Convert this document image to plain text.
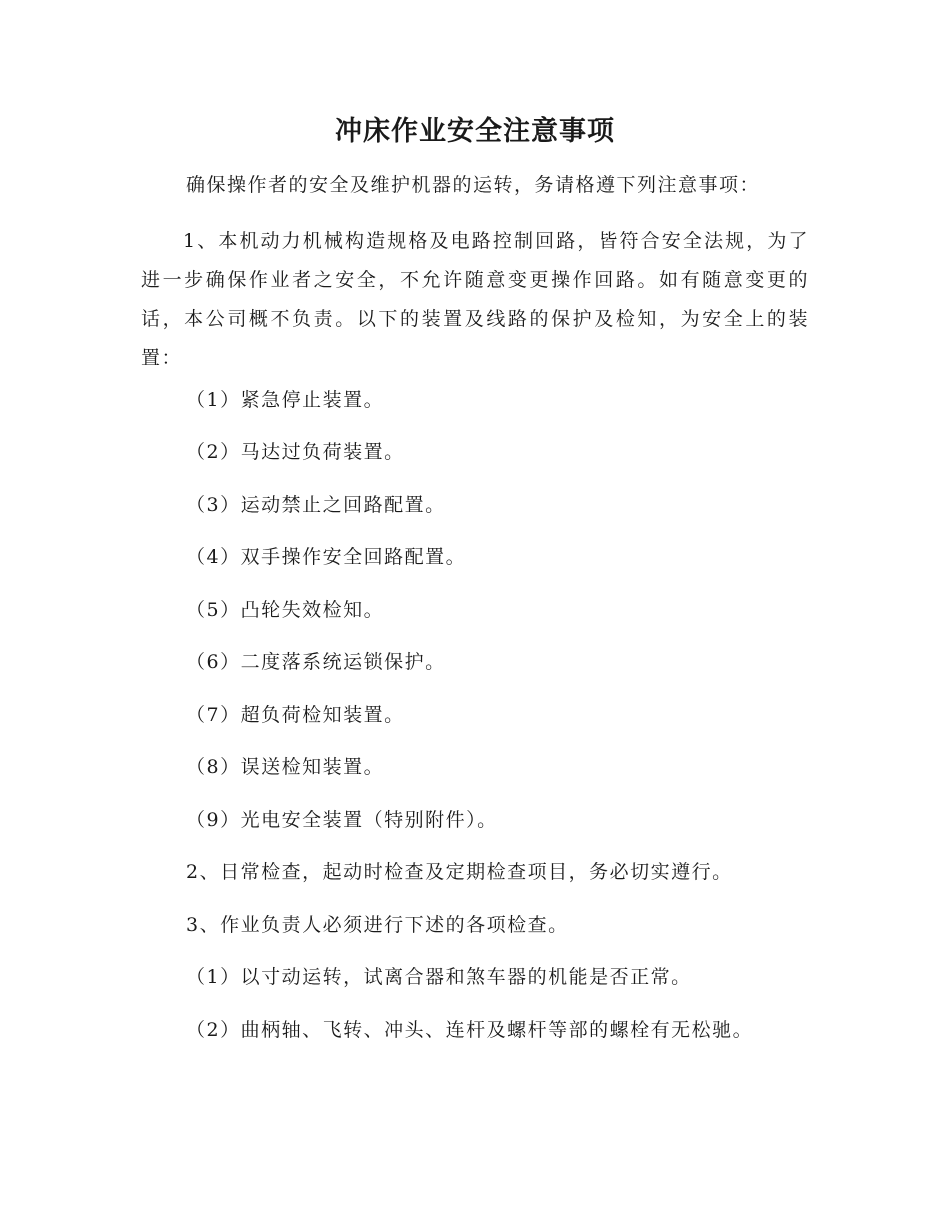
冲床作业安全注意事项
确保操作者的安全及维护机器的运转，务请格遵下列注意事项：
1、本机动力机械构造规格及电路控制回路，皆符合安全法规，为了进一步确保作业者之安全，不允许随意变更操作回路。如有随意变更的话，本公司概不负责。以下的装置及线路的保护及检知，为安全上的装置：
（1）紧急停止装置。
（2）马达过负荷装置。
（3）运动禁止之回路配置。
（4）双手操作安全回路配置。
（5）凸轮失效检知。
（6）二度落系统运锁保护。
（7）超负荷检知装置。
（8）误送检知装置。
（9）光电安全装置（特别附件）。
2、日常检查，起动时检查及定期检查项目，务必切实遵行。
3、作业负责人必须进行下述的各项检查。
（1）以寸动运转，试离合器和煞车器的机能是否正常。
（2）曲柄轴、飞转、冲头、连杆及螺杆等部的螺栓有无松驰。
